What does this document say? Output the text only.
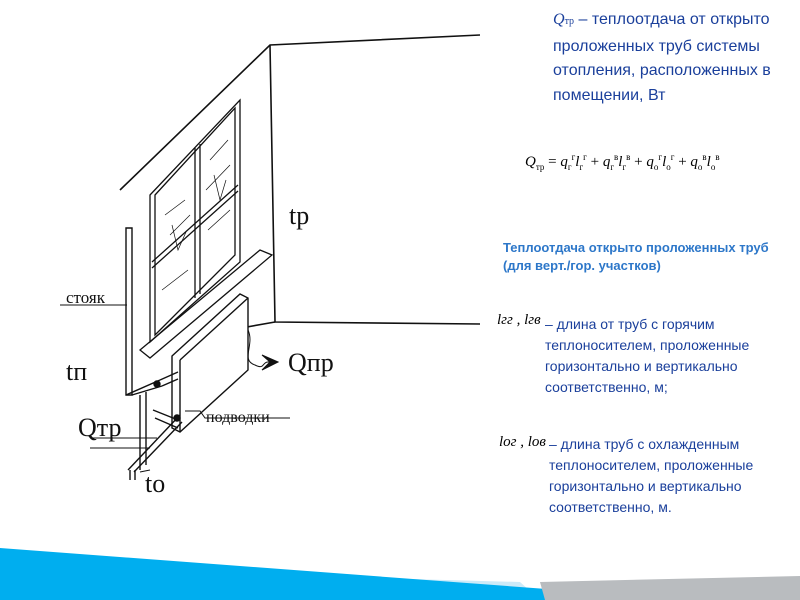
tр
стояк
tп	Qпр
Qтр	подводки
tо
Qтр – теплоотдача от открыто проложенных труб системы отопления, расположенных в помещении, Вт
$Q_{тр} = q_г^гl_г^г + q_г^вl_г^в + q_о^гl_о^г + q_о^вl_о^в$
Теплоотдача открыто проложенных труб (для верт./гор. участков)
lгг , lгв – длина от труб с горячим теплоносителем, проложенные горизонтально и вертикально соответственно, м;
lог , lов – длина труб с охлажденным теплоносителем, проложенные горизонтально и вертикально соответственно, м.
